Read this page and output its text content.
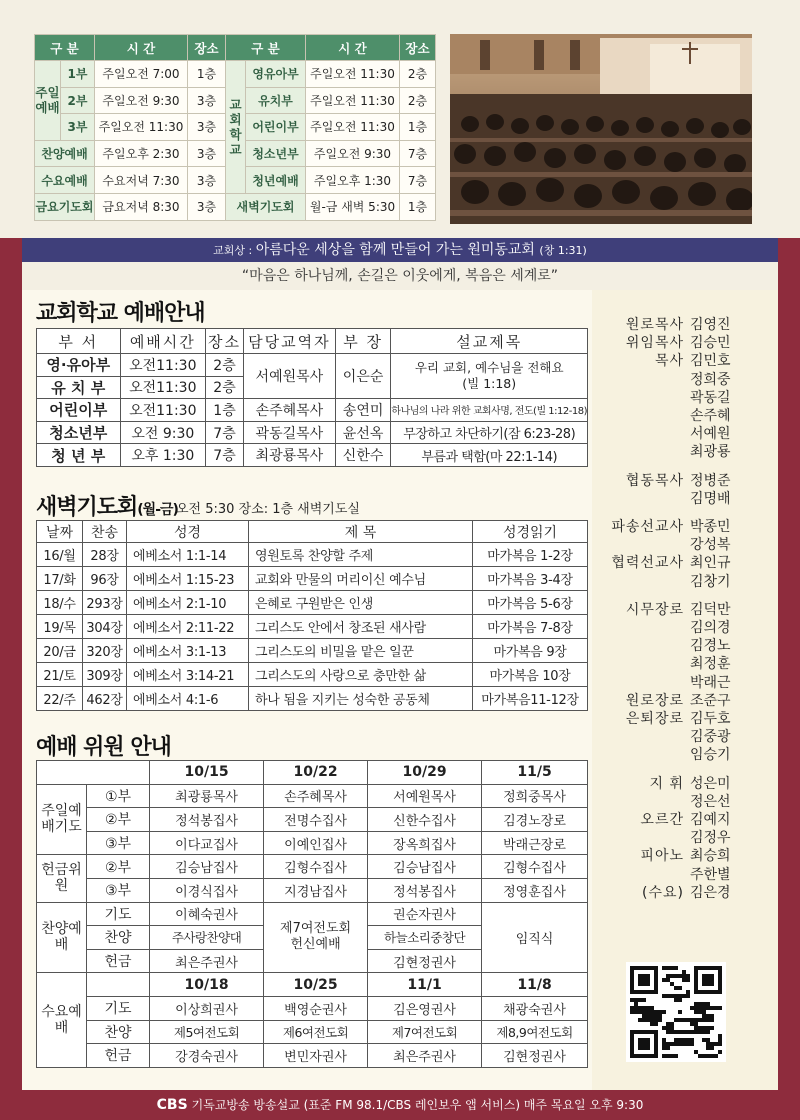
구 분		시 간	장소	구 분		시 간	장소
주일예배	1부	주일오전 7:00	1층	교회학교	영유아부	주일오전 11:30	2층
	2부	주일오전 9:30	3층		유치부	주일오전 11:30	2층
	3부	주일오전 11:30	3층		어린이부	주일오전 11:30	1층
찬양예배		주일오후 2:30	3층		청소년부	주일오전 9:30	7층
수요예배		수요저녁 7:30	3층		청년예배	주일오후 1:30	7층
금요기도회		금요저녁 8:30	3층	새벽기도회		월-금 새벽 5:30	1층
교회상 : 아름다운 세상을 함께 만들어 가는 원미동교회 (창 1:31)
“마음은 하나님께, 손길은 이웃에게, 복음은 세계로”
교회학교 예배안내
부 서	예배시간	장소	담당교역자	부 장	설교제목
영·유아부	오전11:30	2층	서예원목사	이은순	우리 교회, 예수님을 전해요
(빌 1:18)

유 치 부	오전11:30	2층			
어린이부	오전11:30	1층	손주혜목사	송연미	하나님의 나라 위한 교회사명, 전도(빌 1:12-18)
청소년부	오전 9:30	7층	곽동길목사	윤선옥	무장하고 차단하기(잠 6:23-28)
청 년 부	오후 1:30	7층	최광룡목사	신한수	부름과 택함(마 22:1-14)
새벽기도회(월-금)
오전 5:30 장소: 1층 새벽기도실
날짜	찬송	성경	제 목	성경읽기
16/월	28장	에베소서 1:1-14	영원토록 찬양할 주제	마가복음 1-2장
17/화	96장	에베소서 1:15-23	교회와 만물의 머리이신 예수님	마가복음 3-4장
18/수	293장	에베소서 2:1-10	은혜로 구원받은 인생	마가복음 5-6장
19/목	304장	에베소서 2:11-22	그리스도 안에서 창조된 새사람	마가복음 7-8장
20/금	320장	에베소서 3:1-13	그리스도의 비밀을 맡은 일꾼	마가복음 9장
21/토	309장	에베소서 3:14-21	그리스도의 사랑으로 충만한 삶	마가복음 10장
22/주	462장	에베소서 4:1-6	하나 됨을 지키는 성숙한 공동체	마가복음11-12장
예배 위원 안내
		10/15	10/22	10/29	11/5
주일예배기도	①부	최광룡목사	손주혜목사	서예원목사	정희중목사
	②부	정석봉집사	전명수집사	신한수집사	김경노장로
	③부	이다교집사	이예인집사	장옥희집사	박래근장로
헌금위원	②부	김승남집사	김형수집사	김승남집사	김형수집사
	③부	이경식집사	지경남집사	정석봉집사	정영훈집사
찬양예배	기도	이혜숙권사	제7여전도회 헌신예배	권순자권사	임직식
	찬양	주사랑찬양대		하늘소리중창단	
	헌금	최은주권사		김현정권사	
수요예배		10/18	10/25	11/1	11/8
	기도	이상희권사	백영순권사	김은영권사	채광숙권사
	찬양	제5여전도회	제6여전도회	제7여전도회	제8,9여전도회
	헌금	강경숙권사	변민자권사	최은주권사	김현정권사
원로목사 김영진
위임목사 김승민
목사 김민호
정희중
곽동길
손주혜
서예원
최광룡
협동목사 정병준
김명배
파송선교사 박종민
강성복
협력선교사 최인규
김창기
시무장로 김덕만
김의경
김경노
최정훈
박래근
원로장로 조준구
은퇴장로 김두호
김중광
임승기
지 휘 성은미
정은선
오르간 김예지
김정우
피아노 최승희
주한별
(수요) 김은경
CBS 기독교방송 방송설교 (표준 FM 98.1/CBS 레인보우 앱 서비스) 매주 목요일 오후 9:30
